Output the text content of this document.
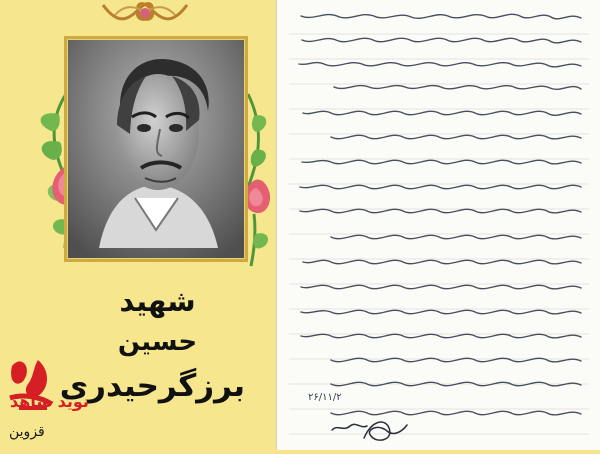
شهید
حسین
برزگرحیدری
نوید شاهد
قزوین
۲۶/۱۱/۲
